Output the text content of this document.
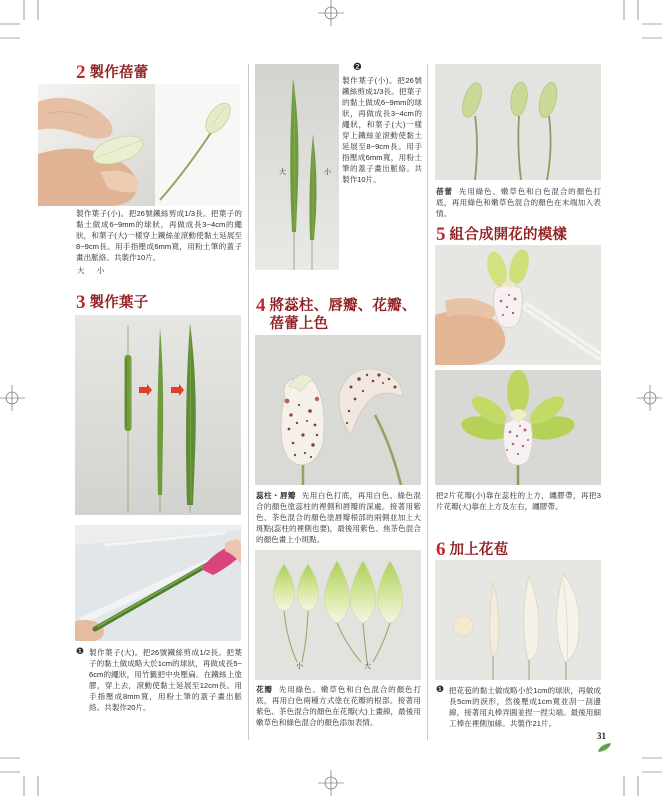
2 製作蓓蕾
製作葉子(小)。把26號鐵絲剪成1/3長。把葉子的黏土做成6~9mm的球狀，再做成長3~4cm的繩狀，和葉子(大)一樣穿上鐵絲並滾動使黏土延展至8~9cm長。用手指壓成6mm寬，用粉土筆的蓋子畫出脈絡。共製作10片。
大 小
3 製作葉子
❶ 製作葉子(大)。把26號鐵絲剪成1/2長。把葉子的黏土做成略大於1cm的球狀，再做成長5~6cm的繩狀，用竹籤把中央壓扁。在鐵絲上塗膠，穿上去，滾動使黏土延展至12cm長。用手指壓成8mm寬，用粉土筆的蓋子畫出脈絡。共製作20片。
大	小
❷
製作葉子(小)。把26號鐵絲剪成1/3長。把葉子的黏土做成6~9mm的球狀，再做成長3~4cm的繩狀，和葉子(大)一樣穿上鐵絲並滾動使黏土延展至8~9cm長。用手指壓成6mm寬，用粉土筆的蓋子畫出脈絡。共製作10片。
4 將蕊柱、唇瓣、花瓣、蓓蕾上色
蕊柱・唇瓣 先用白色打底，再用白色、綠色混合的顏色塗蕊柱的裡側和唇瓣的深處。接著用紫色、茶色混合的顏色塗唇瓣根部的兩側並加上大斑點(蕊柱的裡側也要)，最後用紫色、焦茶色混合的顏色畫上小斑點。
小	大
花瓣 先用綠色、嫩草色和白色混合的顏色打底，再用白色兩種方式塗在花瓣的根部。接著用紫色、茶色混合的顏色在花瓣(大)上畫線，最後用嫩草色和綠色混合的顏色添加表情。
蓓蕾 先用綠色、嫩草色和白色混合的顏色打底，再用綠色和嫩草色混合的顏色在末端加入表情。
5 組合成開花的模樣
把2片花瓣(小)靠在蕊柱的上方，纏膠帶，再把3片花瓣(大)靠在上方及左右，纏膠帶。
6 加上花苞
❶ 把花苞的黏土做成略小於1cm的球狀，再做成長5cm的淚形，然後壓成1cm寬並刮一刮邊線，接著用丸棒弄圓並捏一捏尖端。最後用細工棒在裡側加線。共製作21片。
31
